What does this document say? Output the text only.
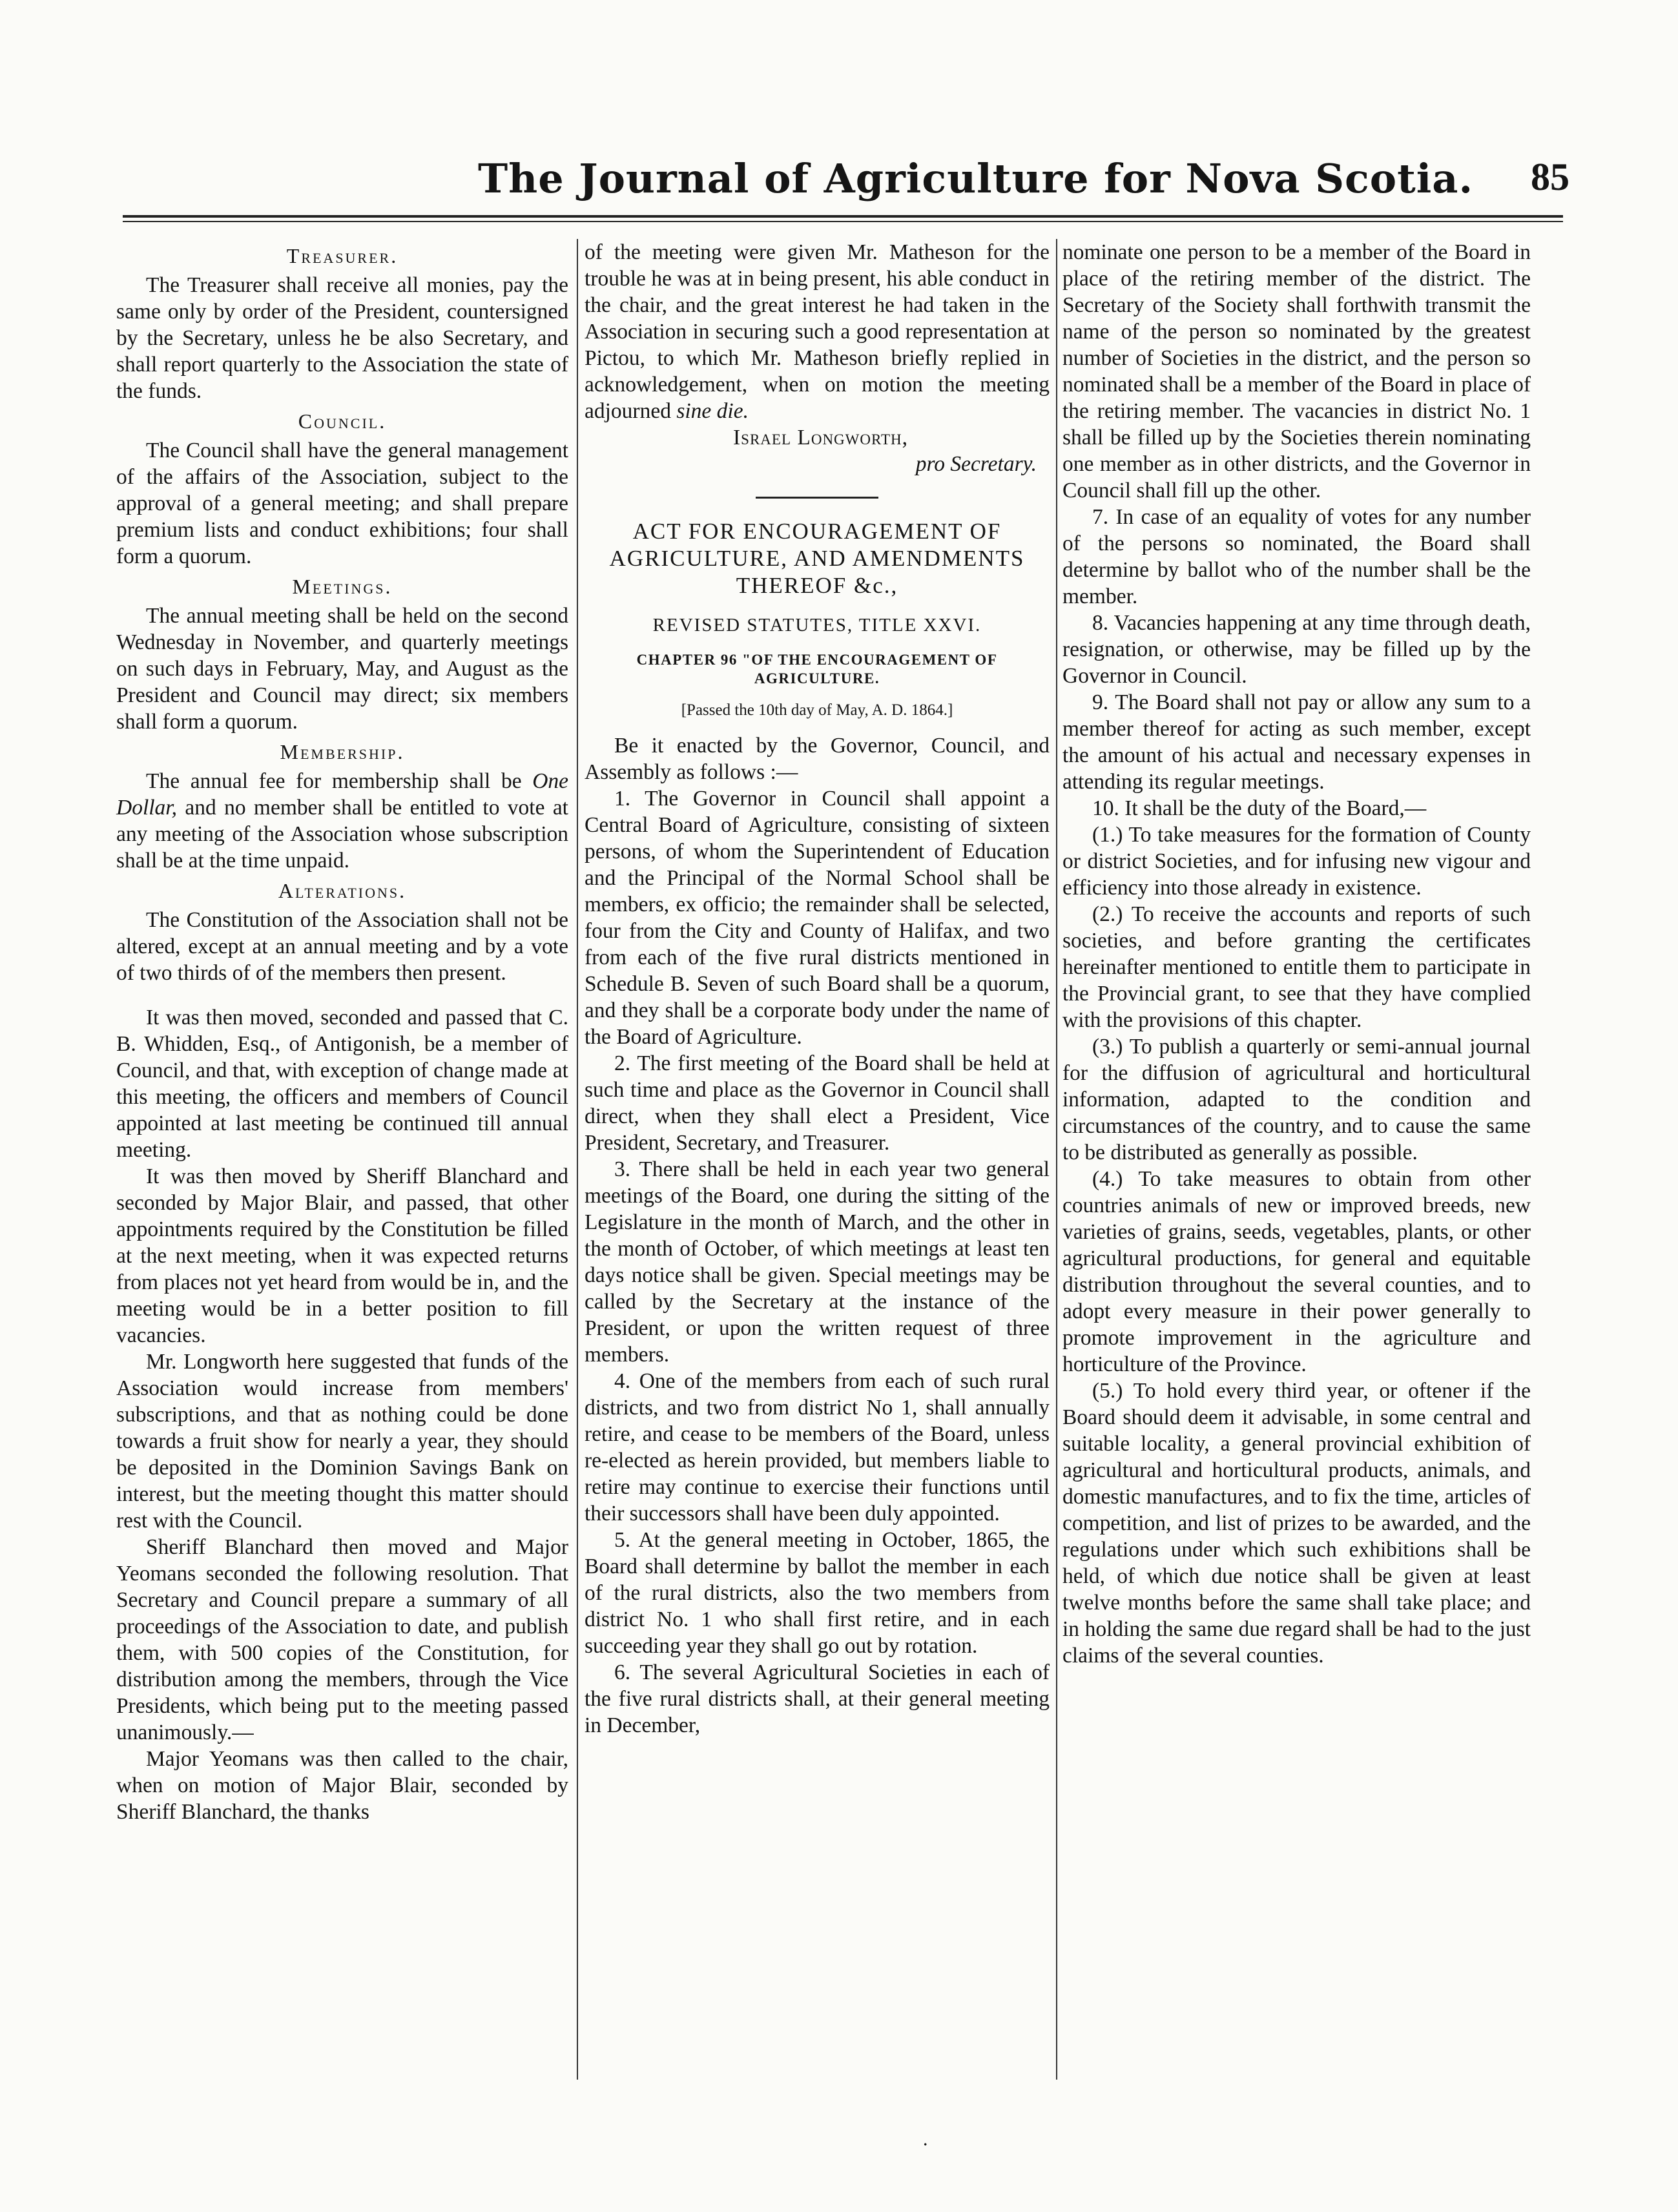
The Journal of Agriculture for Nova Scotia. 85
Treasurer.

The Treasurer shall receive all monies, pay the same only by order of the President, countersigned by the Secretary, unless he be also Secretary, and shall report quarterly to the Association the state of the funds.

Council.

The Council shall have the general management of the affairs of the Association, subject to the approval of a general meeting; and shall prepare premium lists and conduct exhibitions; four shall form a quorum.

Meetings.

The annual meeting shall be held on the second Wednesday in November, and quarterly meetings on such days in February, May, and August as the President and Council may direct; six members shall form a quorum.

Membership.

The annual fee for membership shall be One Dollar, and no member shall be entitled to vote at any meeting of the Association whose subscription shall be at the time unpaid.

Alterations.

The Constitution of the Association shall not be altered, except at an annual meeting and by a vote of two thirds of of the members then present.

It was then moved, seconded and passed that C. B. Whidden, Esq., of Antigonish, be a member of Council, and that, with exception of change made at this meeting, the officers and members of Council appointed at last meeting be continued till annual meeting.

It was then moved by Sheriff Blanchard and seconded by Major Blair, and passed, that other appointments required by the Constitution be filled at the next meeting, when it was expected returns from places not yet heard from would be in, and the meeting would be in a better position to fill vacancies.

Mr. Longworth here suggested that funds of the Association would increase from members' subscriptions, and that as nothing could be done towards a fruit show for nearly a year, they should be deposited in the Dominion Savings Bank on interest, but the meeting thought this matter should rest with the Council.

Sheriff Blanchard then moved and Major Yeomans seconded the following resolution. That Secretary and Council prepare a summary of all proceedings of the Association to date, and publish them, with 500 copies of the Constitution, for distribution among the members, through the Vice Presidents, which being put to the meeting passed unanimously.—

Major Yeomans was then called to the chair, when on motion of Major Blair, seconded by Sheriff Blanchard, the thanks

of the meeting were given Mr. Matheson for the trouble he was at in being present, his able conduct in the chair, and the great interest he had taken in the Association in securing such a good representation at Pictou, to which Mr. Matheson briefly replied in acknowledgement, when on motion the meeting adjourned sine die.

Israel Longworth,
pro Secretary.
ACT FOR ENCOURAGEMENT OF AGRICULTURE, AND AMENDMENTS THEREOF &c.,
REVISED STATUTES, TITLE XXVI.
CHAPTER 96 "OF THE ENCOURAGEMENT OF AGRICULTURE.
[Passed the 10th day of May, A. D. 1864.]

Be it enacted by the Governor, Council, and Assembly as follows :—

1. The Governor in Council shall appoint a Central Board of Agriculture, consisting of sixteen persons, of whom the Superintendent of Education and the Principal of the Normal School shall be members, ex officio; the remainder shall be selected, four from the City and County of Halifax, and two from each of the five rural districts mentioned in Schedule B. Seven of such Board shall be a quorum, and they shall be a corporate body under the name of the Board of Agriculture.

2. The first meeting of the Board shall be held at such time and place as the Governor in Council shall direct, when they shall elect a President, Vice President, Secretary, and Treasurer.

3. There shall be held in each year two general meetings of the Board, one during the sitting of the Legislature in the month of March, and the other in the month of October, of which meetings at least ten days notice shall be given. Special meetings may be called by the Secretary at the instance of the President, or upon the written request of three members.

4. One of the members from each of such rural districts, and two from district No 1, shall annually retire, and cease to be members of the Board, unless re-elected as herein provided, but members liable to retire may continue to exercise their functions until their successors shall have been duly appointed.

5. At the general meeting in October, 1865, the Board shall determine by ballot the member in each of the rural districts, also the two members from district No. 1 who shall first retire, and in each succeeding year they shall go out by rotation.

6. The several Agricultural Societies in each of the five rural districts shall, at their general meeting in December,

nominate one person to be a member of the Board in place of the retiring member of the district. The Secretary of the Society shall forthwith transmit the name of the person so nominated by the greatest number of Societies in the district, and the person so nominated shall be a member of the Board in place of the retiring member. The vacancies in district No. 1 shall be filled up by the Societies therein nominating one member as in other districts, and the Governor in Council shall fill up the other.

7. In case of an equality of votes for any number of the persons so nominated, the Board shall determine by ballot who of the number shall be the member.

8. Vacancies happening at any time through death, resignation, or otherwise, may be filled up by the Governor in Council.

9. The Board shall not pay or allow any sum to a member thereof for acting as such member, except the amount of his actual and necessary expenses in attending its regular meetings.

10. It shall be the duty of the Board,—

(1.) To take measures for the formation of County or district Societies, and for infusing new vigour and efficiency into those already in existence.

(2.) To receive the accounts and reports of such societies, and before granting the certificates hereinafter mentioned to entitle them to participate in the Provincial grant, to see that they have complied with the provisions of this chapter.

(3.) To publish a quarterly or semi-annual journal for the diffusion of agricultural and horticultural information, adapted to the condition and circumstances of the country, and to cause the same to be distributed as generally as possible.

(4.) To take measures to obtain from other countries animals of new or improved breeds, new varieties of grains, seeds, vegetables, plants, or other agricultural productions, for general and equitable distribution throughout the several counties, and to adopt every measure in their power generally to promote improvement in the agriculture and horticulture of the Province.

(5.) To hold every third year, or oftener if the Board should deem it advisable, in some central and suitable locality, a general provincial exhibition of agricultural and horticultural products, animals, and domestic manufactures, and to fix the time, articles of competition, and list of prizes to be awarded, and the regulations under which such exhibitions shall be held, of which due notice shall be given at least twelve months before the same shall take place; and in holding the same due regard shall be had to the just claims of the several counties.

˙
